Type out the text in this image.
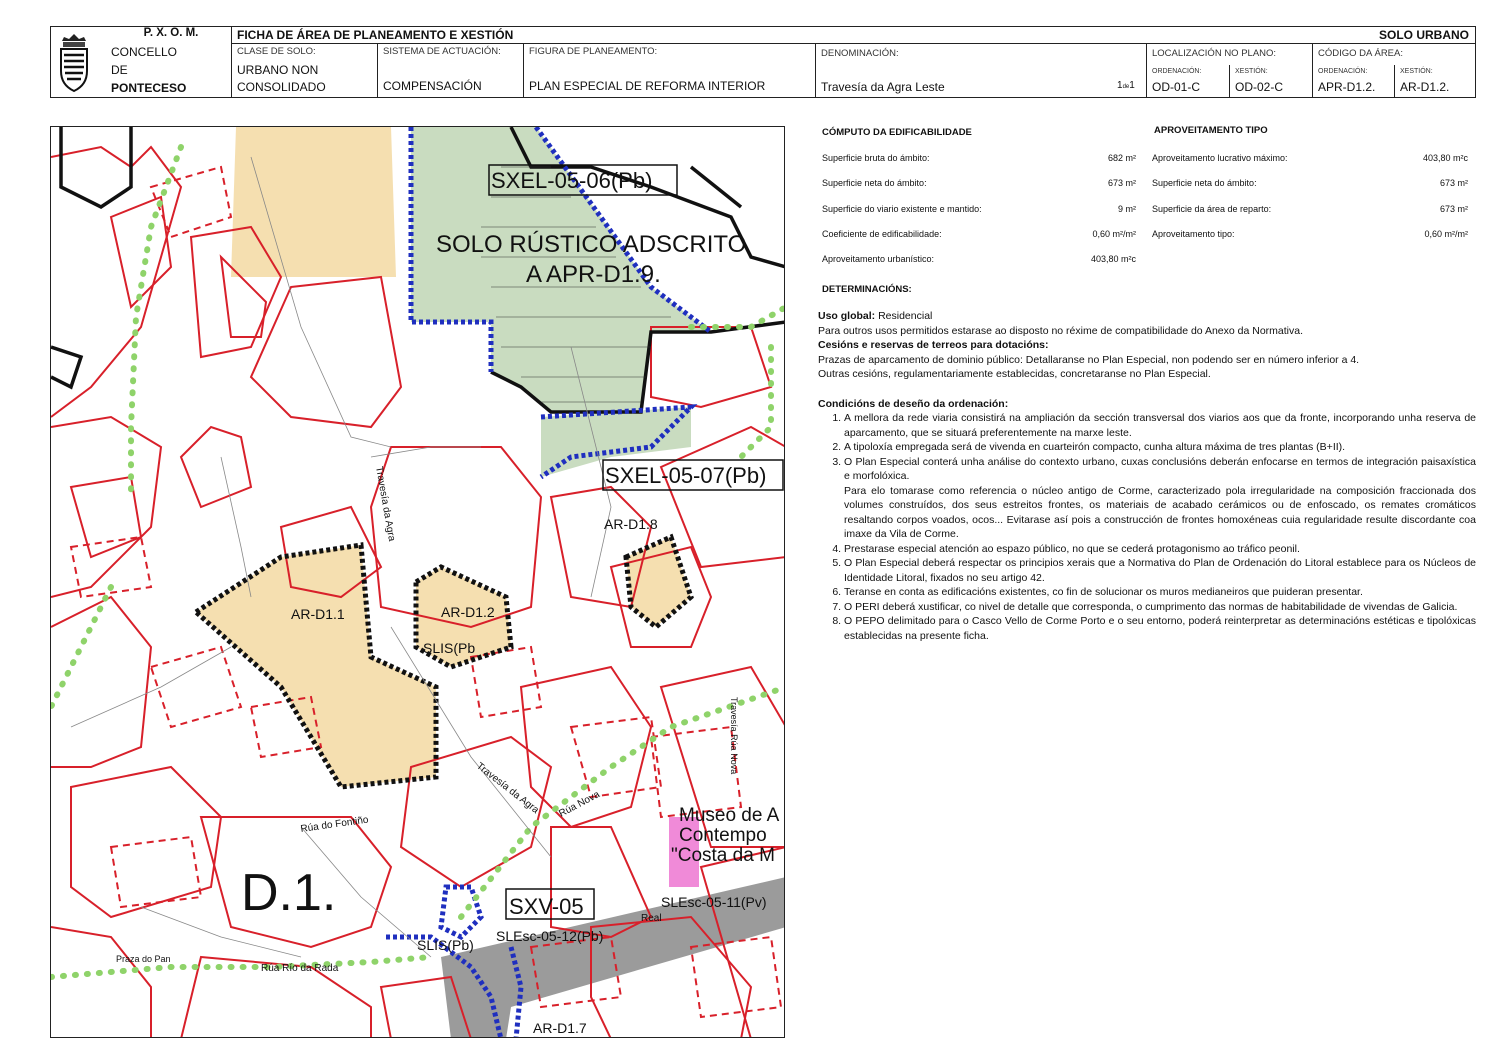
P. X. O. M.
CONCELLO
DE
PONTECESO
FICHA DE ÁREA DE PLANEAMENTO E XESTIÓN	SOLO URBANO
CLASE DE SOLO:
URBANO NON
CONSOLIDADO
SISTEMA DE ACTUACIÓN:
COMPENSACIÓN
FIGURA DE PLANEAMENTO:
PLAN ESPECIAL DE REFORMA INTERIOR
DENOMINACIÓN:
Travesía da Agra Leste	1de1
LOCALIZACIÓN NO PLANO:
ORDENACIÓN:
OD-01-C
XESTIÓN:
OD-02-C
CÓDIGO DA ÁREA:
ORDENACIÓN:
APR-D1.2.
XESTIÓN:
AR-D1.2.
SXEL-05-06(Pb)
SOLO RÚSTICO ADSCRITO
A APR-D1.9.
SXEL-05-07(Pb)
AR-D1.1	AR-D1.2
AR-D1.8
AR-D1.7
SLIS(Pb
SLIS(Pb)
D.1.	SXV-05	SLEsc-05-11(Pv)
SLEsc-05-12(Pb)
Museo de A
Contempo
"Costa da M
Rúa do Fontiño
Rúa Nova
Rúa Río da Rada
Travesía da Agra
Travesía da Agra
Praza do Pan
Real
Travesía Rúa Nova
CÓMPUTO DA EDIFICABILIDADE	APROVEITAMENTO TIPO
Superficie bruta do ámbito:	682 m²
Superficie neta do ámbito:	673 m²
Superficie do viario existente e mantido:	9 m²
Coeficiente de edificabilidade:	0,60 m²/m²
Aproveitamento urbanístico:	403,80 m²c
Aproveitamento lucrativo máximo:	403,80 m²c
Superficie neta do ámbito:	673 m²
Superficie da área de reparto:	673 m²
Aproveitamento tipo:	0,60 m²/m²
DETERMINACIÓNS:

Uso global: Residencial

Para outros usos permitidos estarase ao disposto no réxime de compatibilidade do Anexo da Normativa.

Cesións e reservas de terreos para dotacións:

Prazas de aparcamento de dominio público: Detallaranse no Plan Especial, non podendo ser en número inferior a 4.

Outras cesións, regulamentariamente establecidas, concretaranse no Plan Especial.

Condicións de deseño da ordenación:

1. A mellora da rede viaria consistirá na ampliación da sección transversal dos viarios aos que da fronte, incorporando unha reserva de aparcamento, que se situará preferentemente na marxe leste.
2. A tipoloxía empregada será de vivenda en cuarteirón compacto, cunha altura máxima de tres plantas (B+II).
3. O Plan Especial conterá unha análise do contexto urbano, cuxas conclusións deberán enfocarse en termos de integración paisaxística e morfolóxica.
Para elo tomarase como referencia o núcleo antigo de Corme, caracterizado pola irregularidade na composición fraccionada dos volumes construídos, dos seus estreitos frontes, os materiais de acabado cerámicos ou de enfoscado, os remates cromáticos resaltando corpos voados, ocos... Evitarase así pois a construcción de frontes homoxéneas cuia regularidade resulte discordante coa imaxe da Vila de Corme.
4. Prestarase especial atención ao espazo público, no que se cederá protagonismo ao tráfico peonil.
5. O Plan Especial deberá respectar os principios xerais que a Normativa do Plan de Ordenación do Litoral establece para os Núcleos de Identidade Litoral, fixados no seu artigo 42.
6. Teranse en conta as edificacións existentes, co fin de solucionar os muros medianeiros que puideran presentar.
7. O PERI deberá xustificar, co nivel de detalle que corresponda, o cumprimento das normas de habitabilidade de vivendas de Galicia.
8. O PEPO delimitado para o Casco Vello de Corme Porto e o seu entorno, poderá reinterpretar as determinacións estéticas e tipolóxicas establecidas na presente ficha.
